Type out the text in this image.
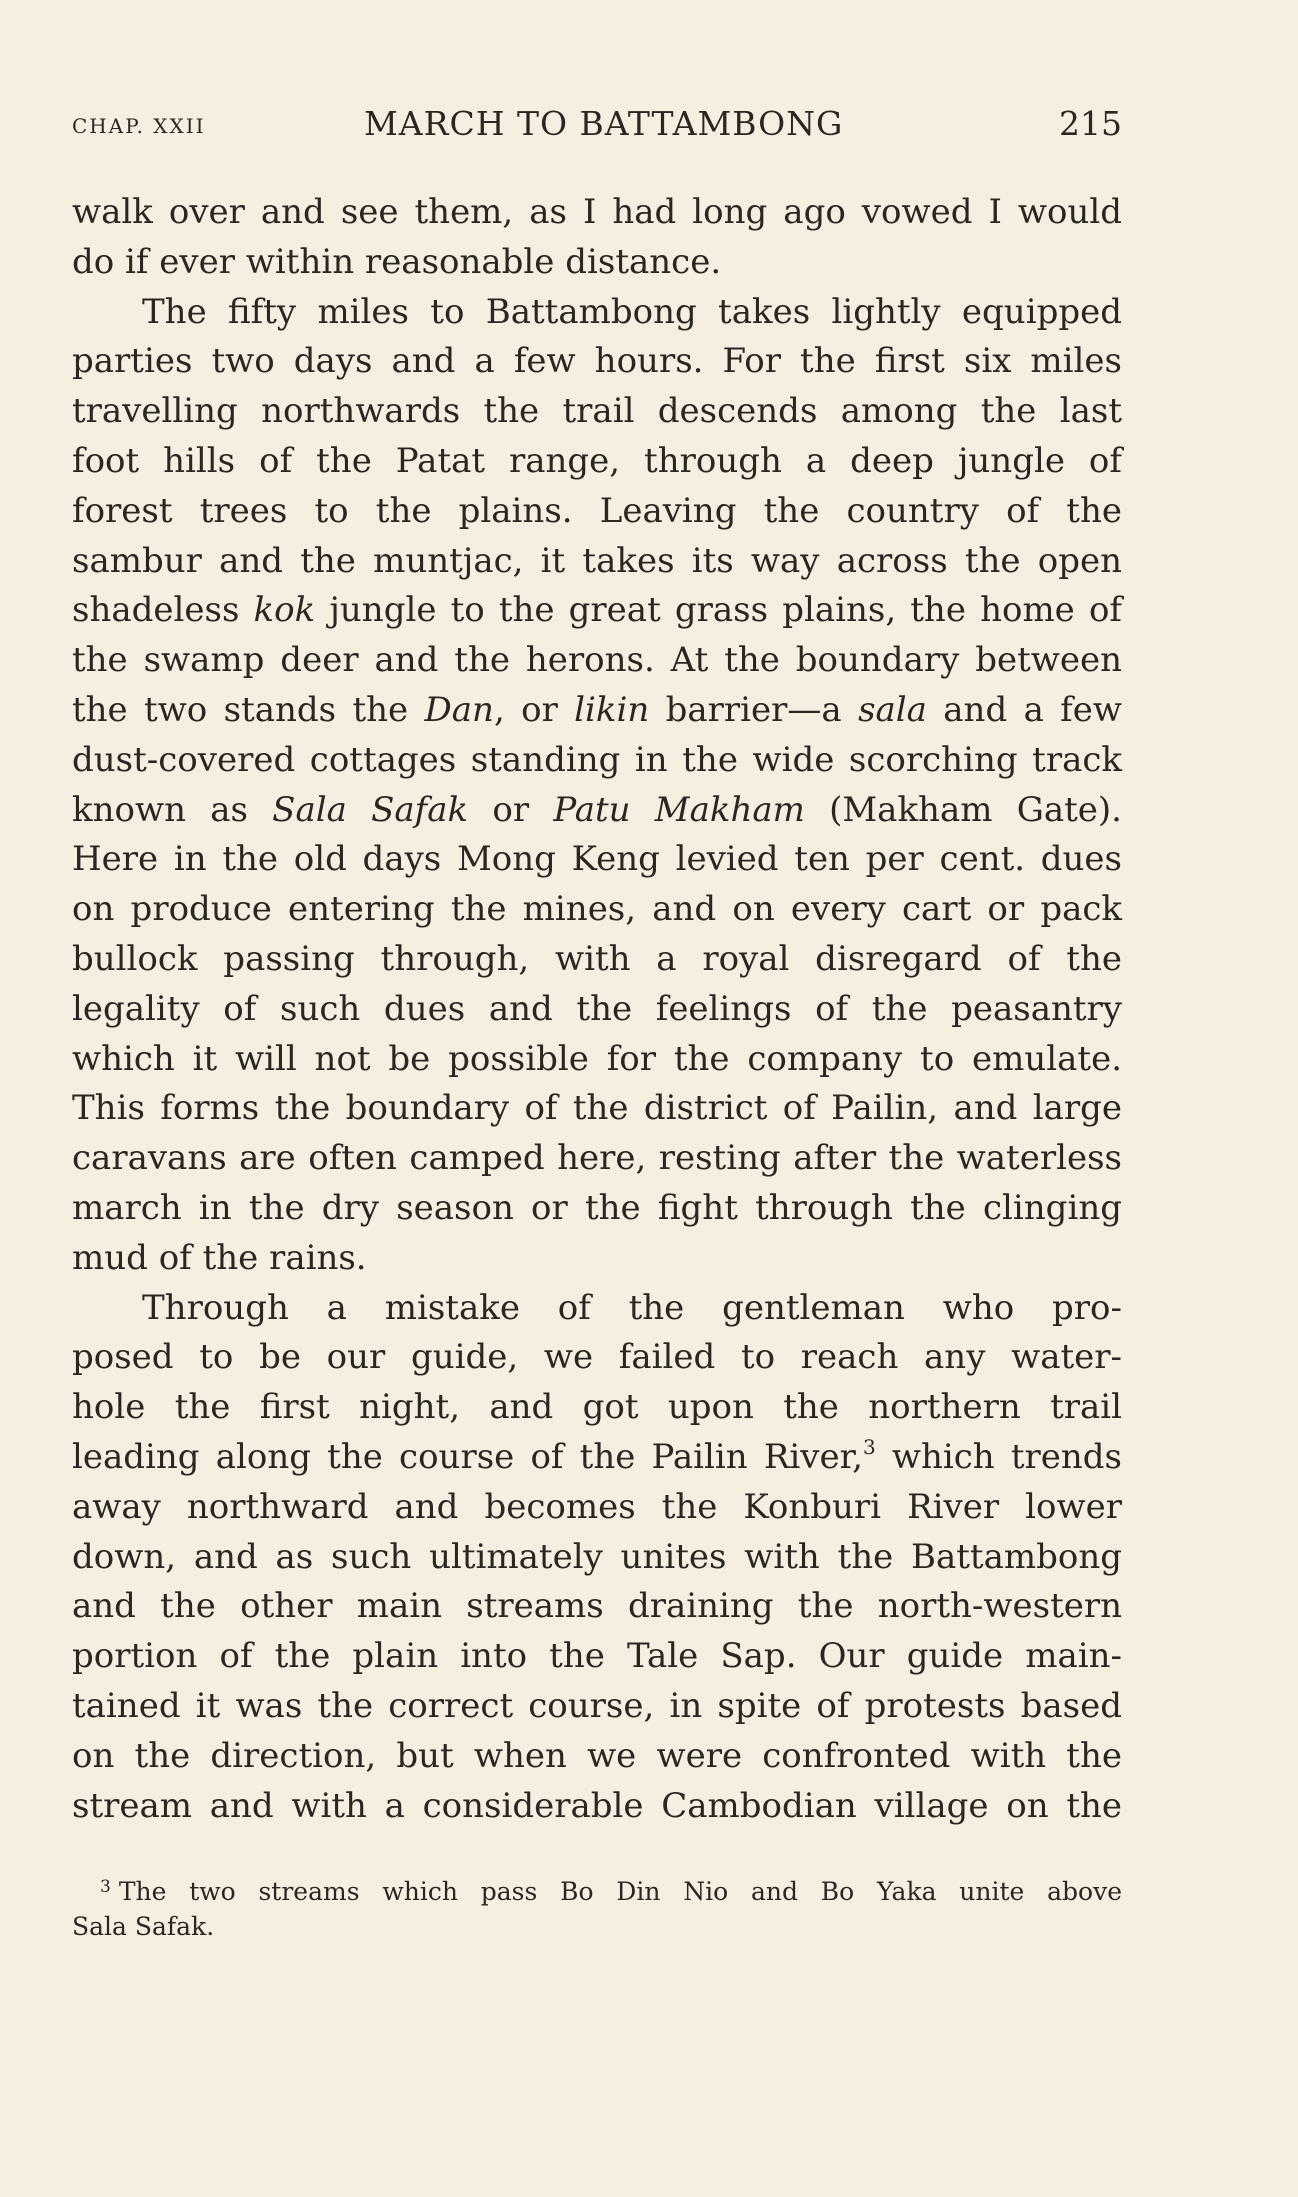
CHAP. XXII	MARCH TO BATTAMBONG	215
walk over and see them, as I had long ago vowed I would
do if ever within reasonable distance.
The fifty miles to Battambong takes lightly equipped
parties two days and a few hours. For the first six miles
travelling northwards the trail descends among the last
foot hills of the Patat range, through a deep jungle of
forest trees to the plains. Leaving the country of the
sambur and the muntjac, it takes its way across the open
shadeless kok jungle to the great grass plains, the home of
the swamp deer and the herons. At the boundary between
the two stands the Dan, or likin barrier—a sala and a few
dust-covered cottages standing in the wide scorching track
known as Sala Safak or Patu Makham (Makham Gate).
Here in the old days Mong Keng levied ten per cent. dues
on produce entering the mines, and on every cart or pack
bullock passing through, with a royal disregard of the
legality of such dues and the feelings of the peasantry
which it will not be possible for the company to emulate.
This forms the boundary of the district of Pailin, and large
caravans are often camped here, resting after the waterless
march in the dry season or the fight through the clinging
mud of the rains.
Through a mistake of the gentleman who pro-
posed to be our guide, we failed to reach any water-
hole the first night, and got upon the northern trail
leading along the course of the Pailin River,$^3$ which trends
away northward and becomes the Konburi River lower
down, and as such ultimately unites with the Battambong
and the other main streams draining the north-western
portion of the plain into the Tale Sap. Our guide main-
tained it was the correct course, in spite of protests based
on the direction, but when we were confronted with the
stream and with a considerable Cambodian village on the
$^3$ The two streams which pass Bo Din Nio and Bo Yaka unite above
Sala Safak.
